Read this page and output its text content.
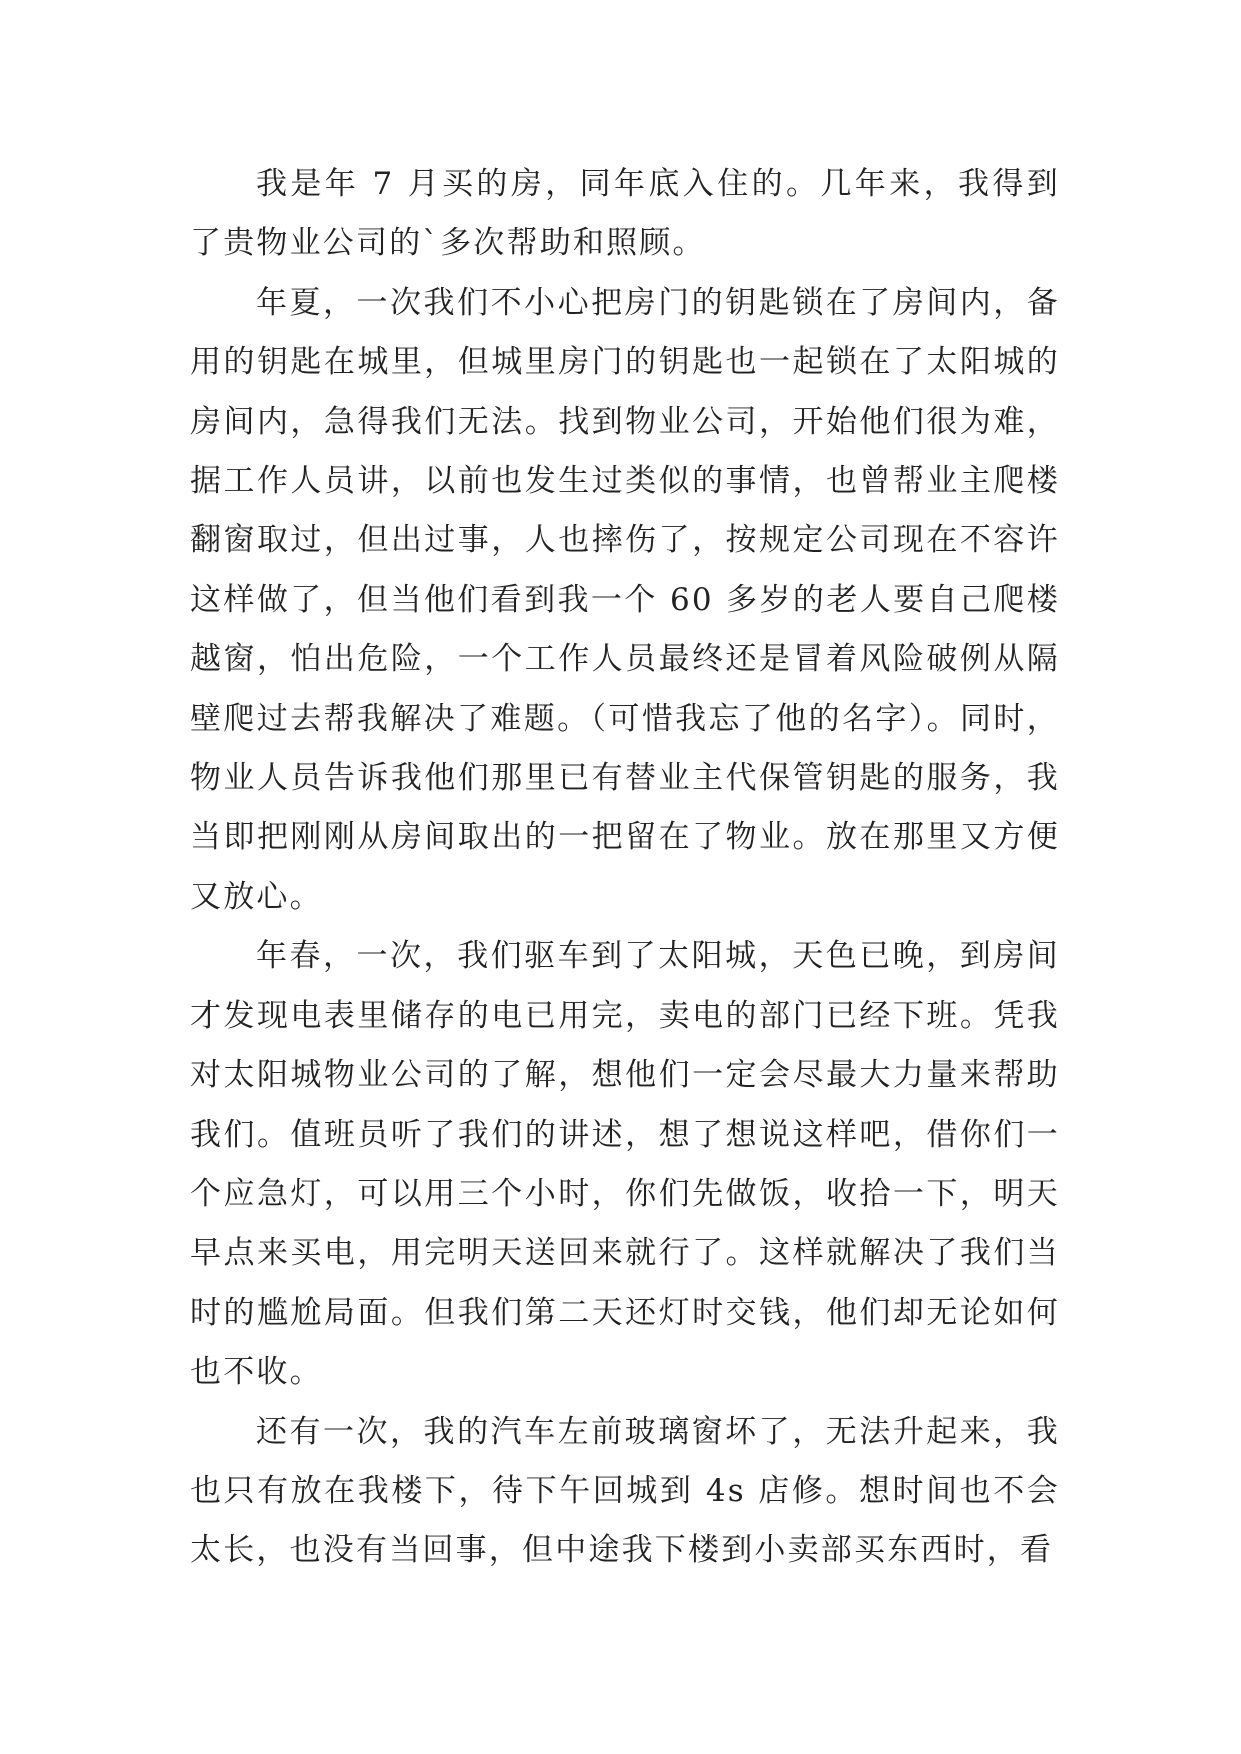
我是年 7 月买的房，同年底入住的。几年来，我得到了贵物业公司的`多次帮助和照顾。

年夏，一次我们不小心把房门的钥匙锁在了房间内，备用的钥匙在城里，但城里房门的钥匙也一起锁在了太阳城的房间内，急得我们无法。找到物业公司，开始他们很为难，据工作人员讲，以前也发生过类似的事情，也曾帮业主爬楼翻窗取过，但出过事，人也摔伤了，按规定公司现在不容许这样做了，但当他们看到我一个 60 多岁的老人要自己爬楼越窗，怕出危险，一个工作人员最终还是冒着风险破例从隔壁爬过去帮我解决了难题。（可惜我忘了他的名字）。同时，物业人员告诉我他们那里已有替业主代保管钥匙的服务，我当即把刚刚从房间取出的一把留在了物业。放在那里又方便又放心。

年春，一次，我们驱车到了太阳城，天色已晚，到房间才发现电表里储存的电已用完，卖电的部门已经下班。凭我对太阳城物业公司的了解，想他们一定会尽最大力量来帮助我们。值班员听了我们的讲述，想了想说这样吧，借你们一个应急灯，可以用三个小时，你们先做饭，收拾一下，明天早点来买电，用完明天送回来就行了。这样就解决了我们当时的尴尬局面。但我们第二天还灯时交钱，他们却无论如何也不收。

还有一次，我的汽车左前玻璃窗坏了，无法升起来，我也只有放在我楼下，待下午回城到 4s 店修。想时间也不会太长，也没有当回事，但中途我下楼到小卖部买东西时，看
